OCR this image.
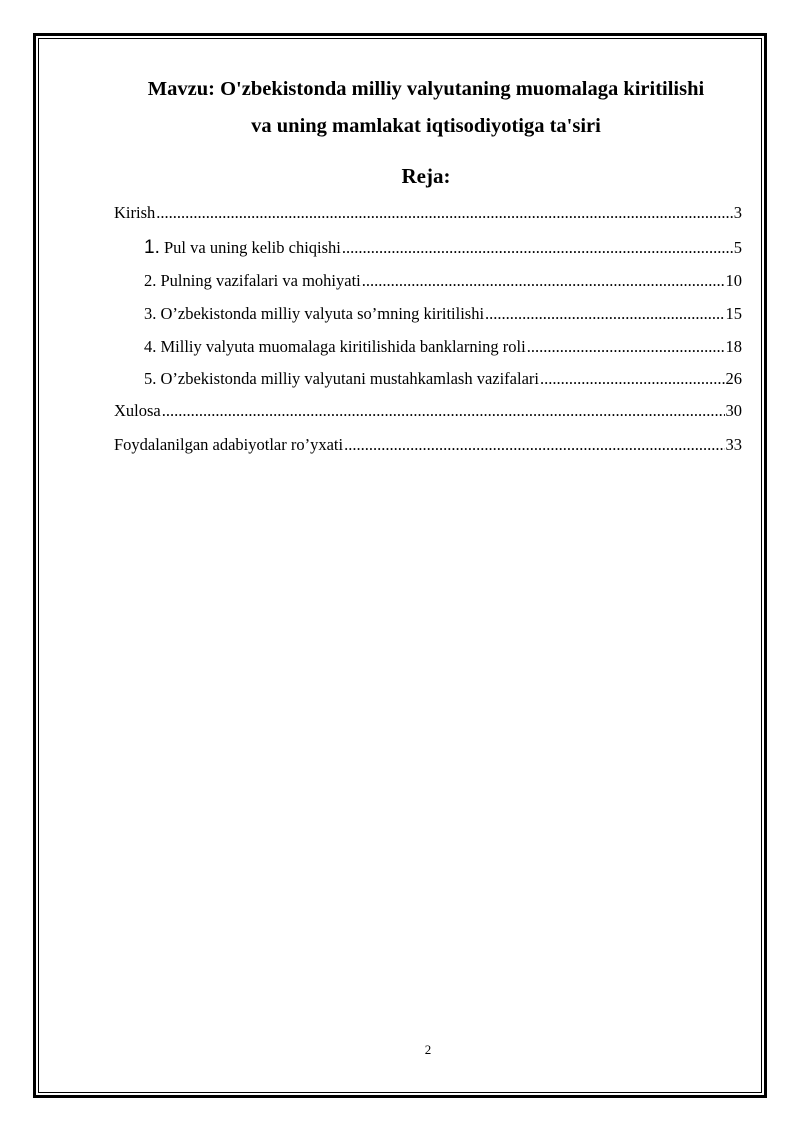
Mavzu: O'zbekistonda milliy valyutaning muomalaga kiritilishi
va uning mamlakat iqtisodiyotiga ta'siri
Reja:
Kirish .....	3
1. Pul va uning kelib chiqishi .....	5
2. Pulning vazifalari va mohiyati .....	10
3. O’zbekistonda milliy valyuta so’mning kiritilishi .....	15
4. Milliy valyuta muomalaga kiritilishida banklarning roli .....	18
5. O’zbekistonda milliy valyutani mustahkamlash vazifalari .....	26
Xulosa .....	30
Foydalanilgan adabiyotlar ro’yxati .....	33
2
